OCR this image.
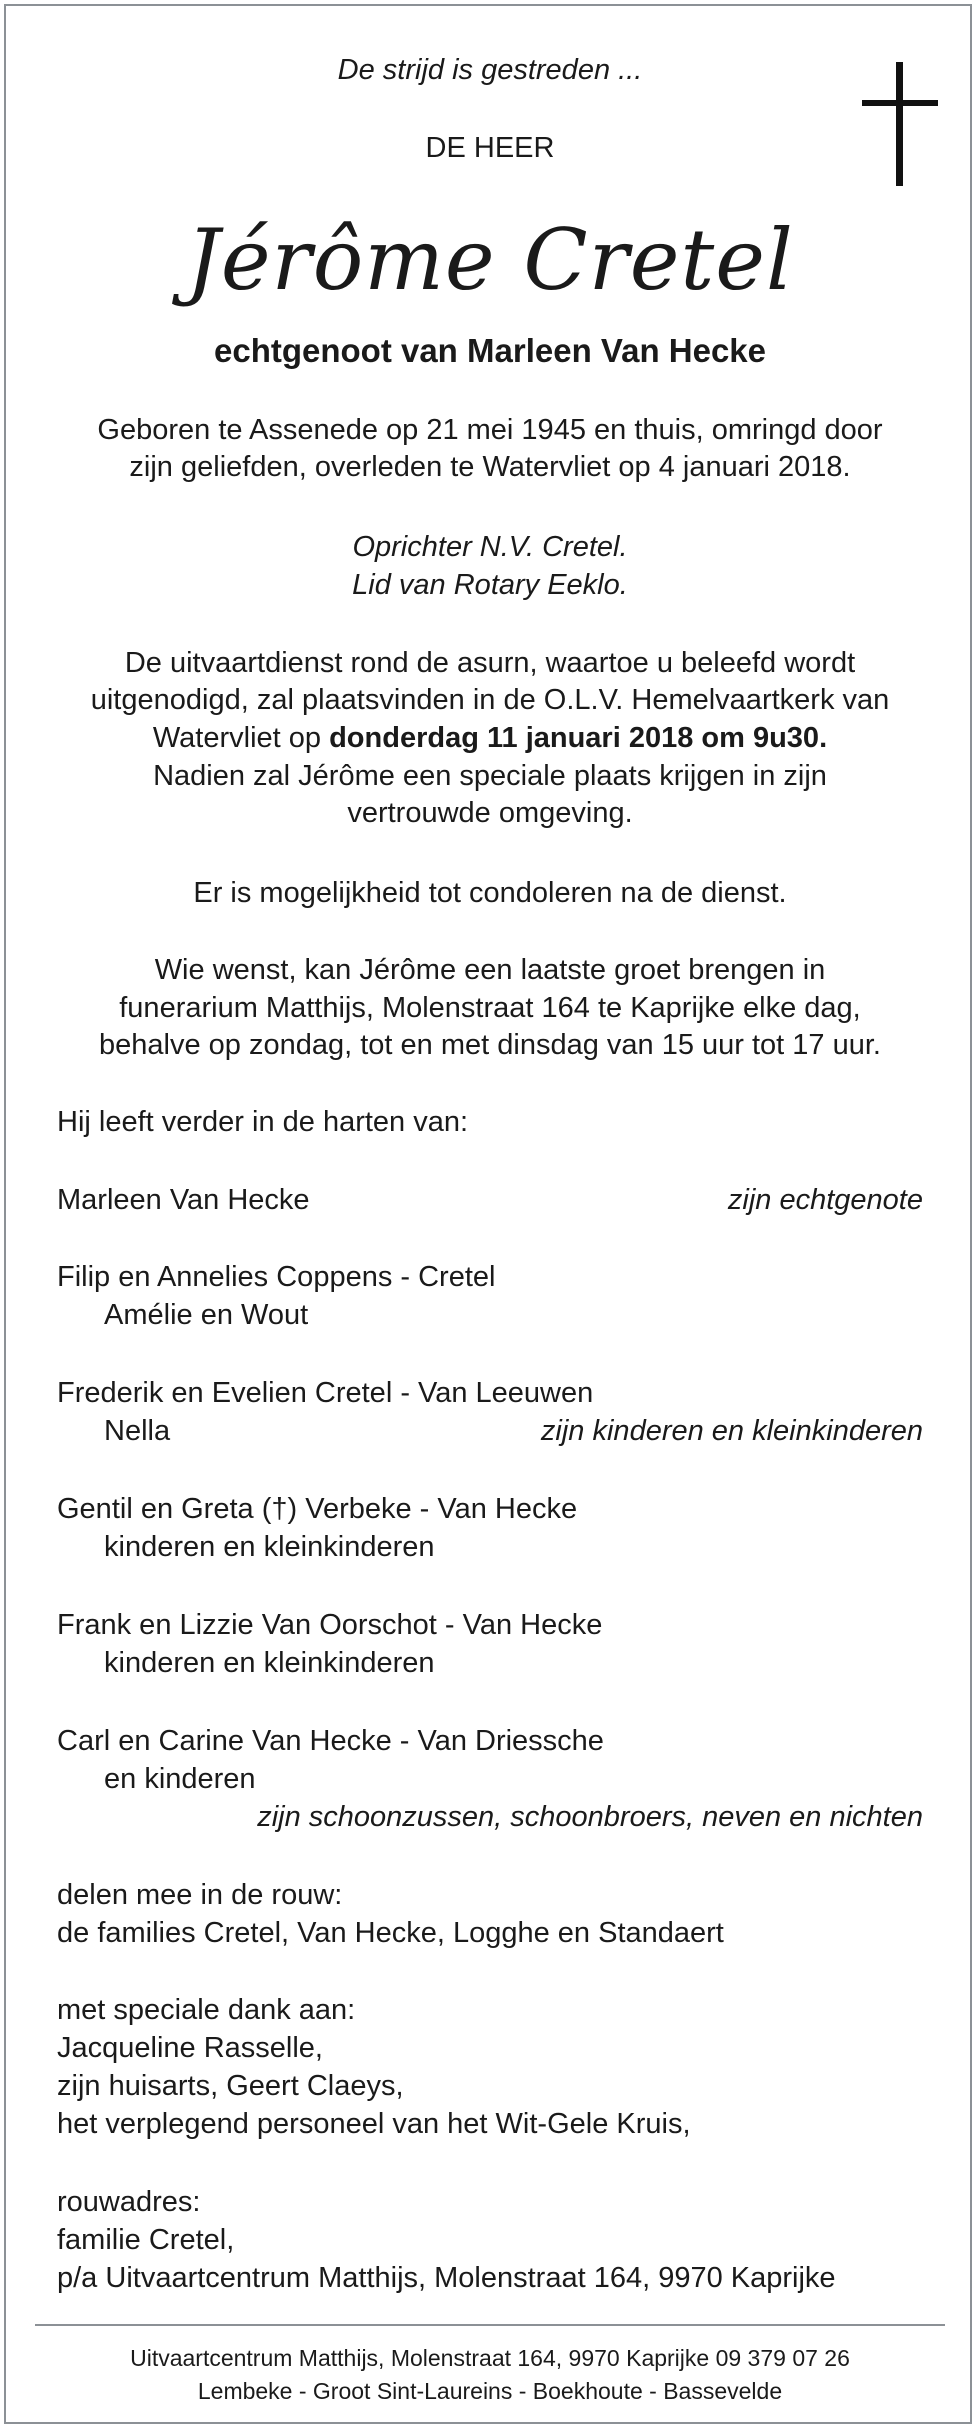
De strijd is gestreden ...
DE HEER
Jérôme Cretel
echtgenoot van Marleen Van Hecke
Geboren te Assenede op 21 mei 1945 en thuis, omringd door
zijn geliefden, overleden te Watervliet op 4 januari 2018.
Oprichter N.V. Cretel.
Lid van Rotary Eeklo.
De uitvaartdienst rond de asurn, waartoe u beleefd wordt
uitgenodigd, zal plaatsvinden in de O.L.V. Hemelvaartkerk van
Watervliet op donderdag 11 januari 2018 om 9u30.
Nadien zal Jérôme een speciale plaats krijgen in zijn
vertrouwde omgeving.
Er is mogelijkheid tot condoleren na de dienst.
Wie wenst, kan Jérôme een laatste groet brengen in
funerarium Matthijs, Molenstraat 164 te Kaprijke elke dag,
behalve op zondag, tot en met dinsdag van 15 uur tot 17 uur.
Hij leeft verder in de harten van:
Marleen Van Hecke	zijn echtgenote
Filip en Annelies Coppens - Cretel
Amélie en Wout
Frederik en Evelien Cretel - Van Leeuwen
Nella	zijn kinderen en kleinkinderen
Gentil en Greta (†) Verbeke - Van Hecke
kinderen en kleinkinderen
Frank en Lizzie Van Oorschot - Van Hecke
kinderen en kleinkinderen
Carl en Carine Van Hecke - Van Driessche
en kinderen
zijn schoonzussen, schoonbroers, neven en nichten
delen mee in de rouw:
de families Cretel, Van Hecke, Logghe en Standaert
met speciale dank aan:
Jacqueline Rasselle,
zijn huisarts, Geert Claeys,
het verplegend personeel van het Wit-Gele Kruis,
rouwadres:
familie Cretel,
p/a Uitvaartcentrum Matthijs, Molenstraat 164, 9970 Kaprijke
Uitvaartcentrum Matthijs, Molenstraat 164, 9970 Kaprijke 09 379 07 26
Lembeke - Groot Sint-Laureins - Boekhoute - Bassevelde
